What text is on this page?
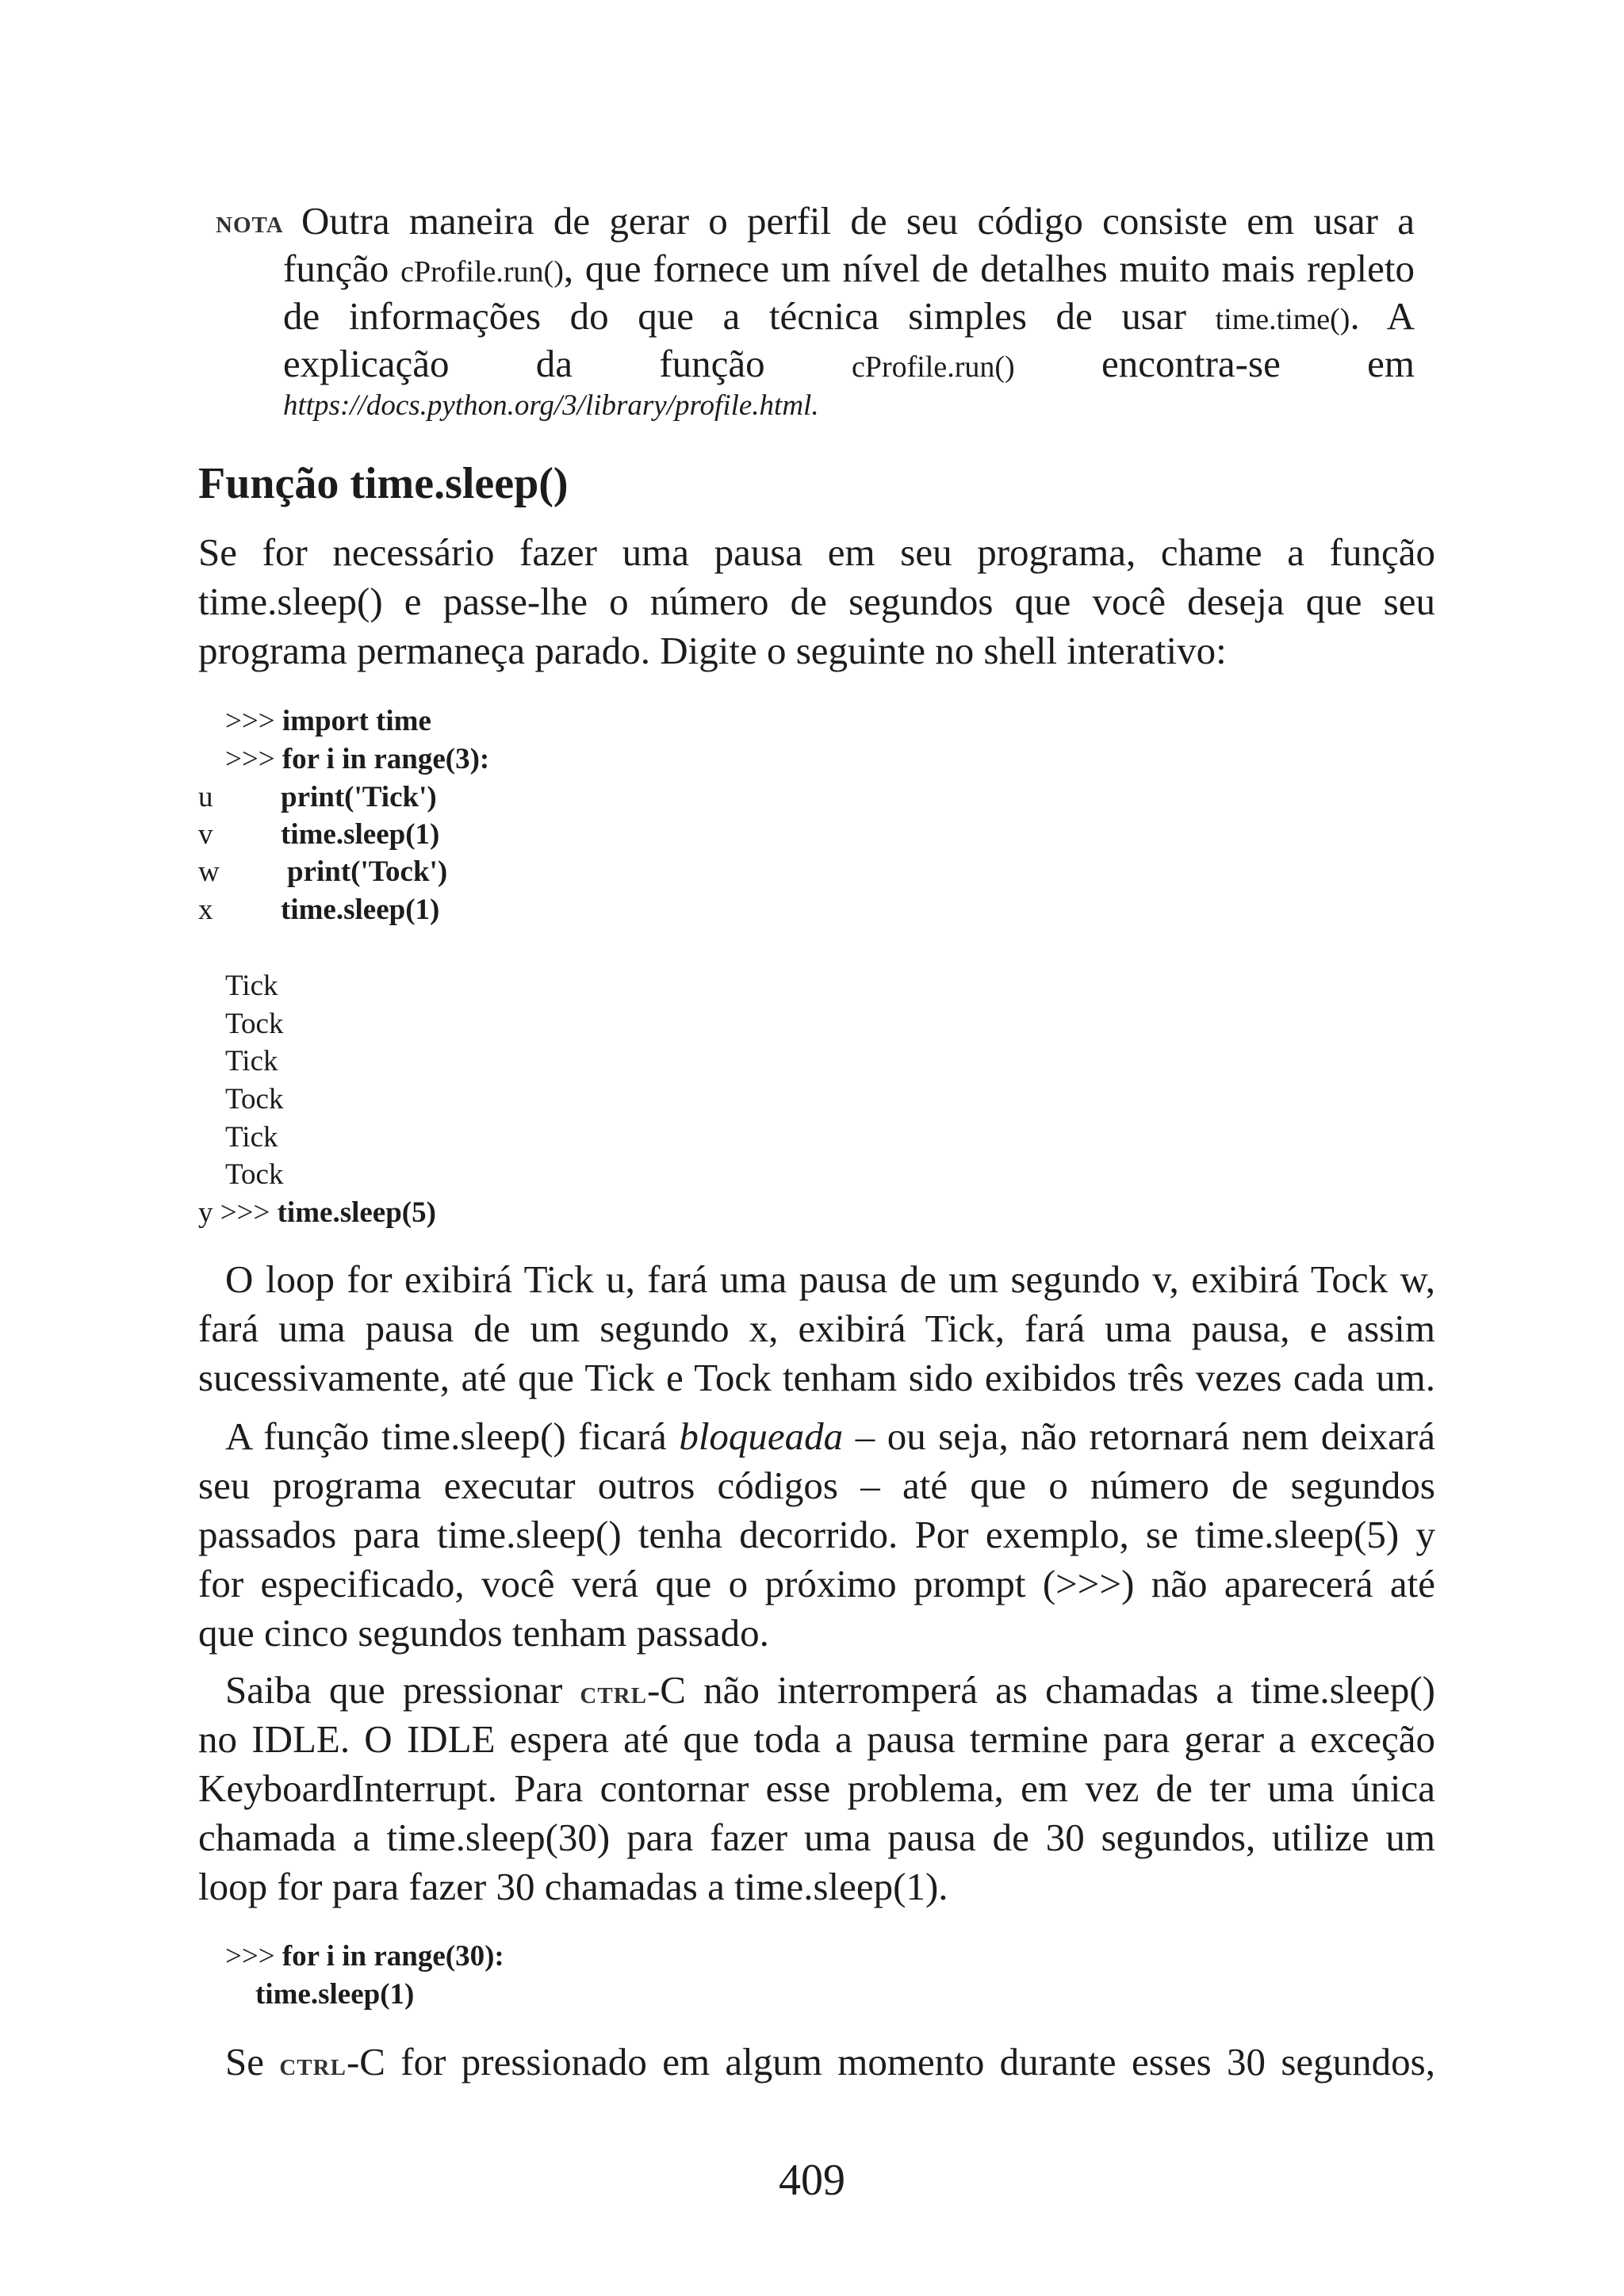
NOTA Outra maneira de gerar o perfil de seu código consiste em usar a

função cProfile.run(), que fornece um nível de detalhes muito mais repleto

de informações do que a técnica simples de usar time.time(). A

explicação da função cProfile.run() encontra-se em

https://docs.python.org/3/library/profile.html.

Função time.sleep()

Se for necessário fazer uma pausa em seu programa, chame a função

time.sleep() e passe-lhe o número de segundos que você deseja que seu

programa permaneça parado. Digite o seguinte no shell interativo:

>>> import time

>>> for i in range(3):

u print('Tick')

v time.sleep(1)

w print('Tock')

x time.sleep(1)

Tick

Tock

Tick

Tock

Tick

Tock

y >>> time.sleep(5)

O loop for exibirá Tick u, fará uma pausa de um segundo v, exibirá Tock w,

fará uma pausa de um segundo x, exibirá Tick, fará uma pausa, e assim

sucessivamente, até que Tick e Tock tenham sido exibidos três vezes cada um.

A função time.sleep() ficará bloqueada – ou seja, não retornará nem deixará

seu programa executar outros códigos – até que o número de segundos

passados para time.sleep() tenha decorrido. Por exemplo, se time.sleep(5) y

for especificado, você verá que o próximo prompt (>>>) não aparecerá até

que cinco segundos tenham passado.

Saiba que pressionar CTRL-C não interromperá as chamadas a time.sleep()

no IDLE. O IDLE espera até que toda a pausa termine para gerar a exceção

KeyboardInterrupt. Para contornar esse problema, em vez de ter uma única

chamada a time.sleep(30) para fazer uma pausa de 30 segundos, utilize um

loop for para fazer 30 chamadas a time.sleep(1).

>>> for i in range(30):

time.sleep(1)

Se CTRL-C for pressionado em algum momento durante esses 30 segundos,

409
